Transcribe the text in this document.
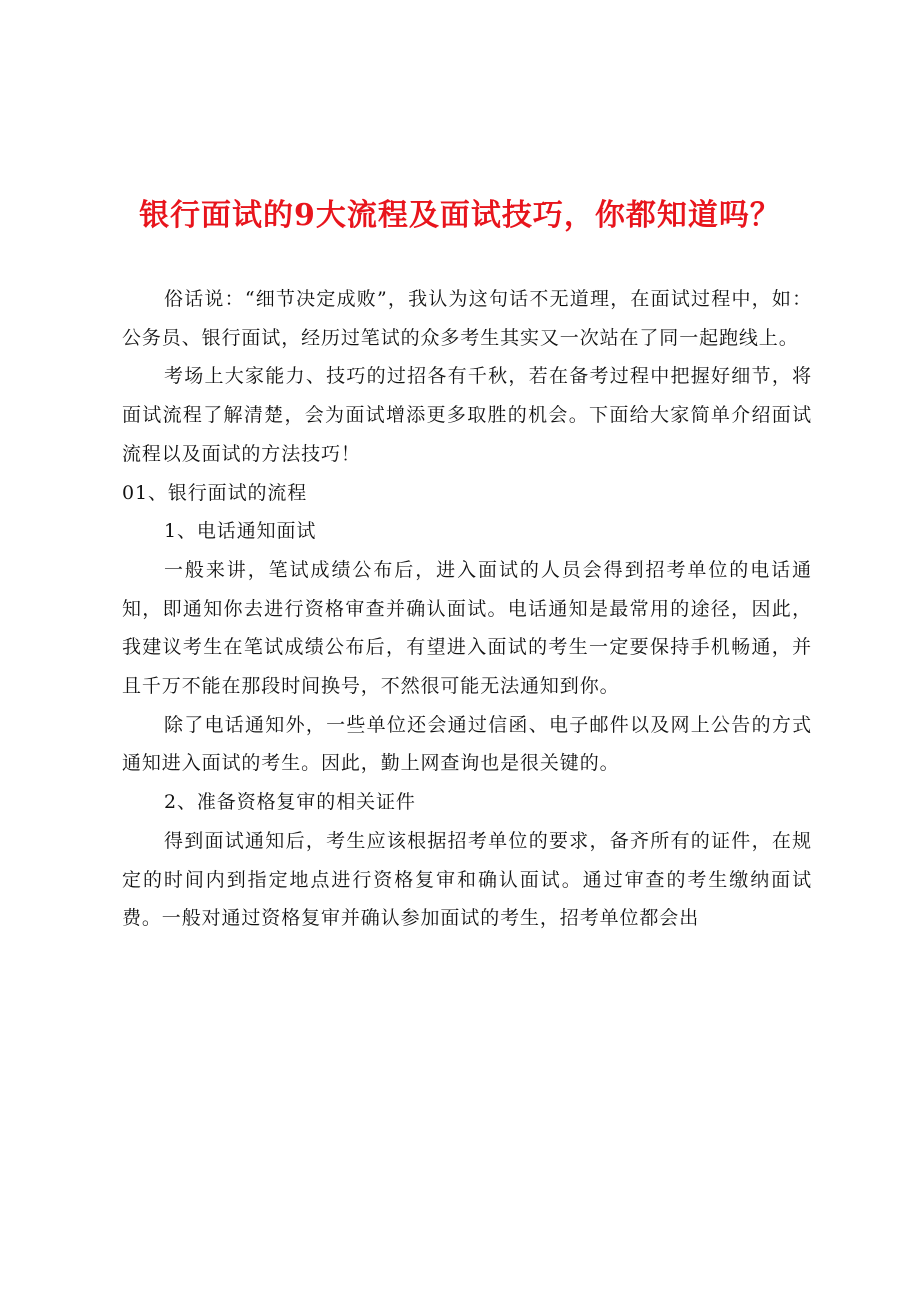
银行面试的9大流程及面试技巧，你都知道吗？

俗话说：“细节决定成败”，我认为这句话不无道理，在面试过程中，如：公务员、银行面试，经历过笔试的众多考生其实又一次站在了同一起跑线上。

考场上大家能力、技巧的过招各有千秋，若在备考过程中把握好细节，将面试流程了解清楚，会为面试增添更多取胜的机会。下面给大家简单介绍面试流程以及面试的方法技巧！

01、银行面试的流程

1、电话通知面试

一般来讲，笔试成绩公布后，进入面试的人员会得到招考单位的电话通知，即通知你去进行资格审查并确认面试。电话通知是最常用的途径，因此，我建议考生在笔试成绩公布后，有望进入面试的考生一定要保持手机畅通，并且千万不能在那段时间换号，不然很可能无法通知到你。

除了电话通知外，一些单位还会通过信函、电子邮件以及网上公告的方式通知进入面试的考生。因此，勤上网查询也是很关键的。

2、准备资格复审的相关证件

得到面试通知后，考生应该根据招考单位的要求，备齐所有的证件，在规定的时间内到指定地点进行资格复审和确认面试。通过审查的考生缴纳面试费。一般对通过资格复审并确认参加面试的考生，招考单位都会出
